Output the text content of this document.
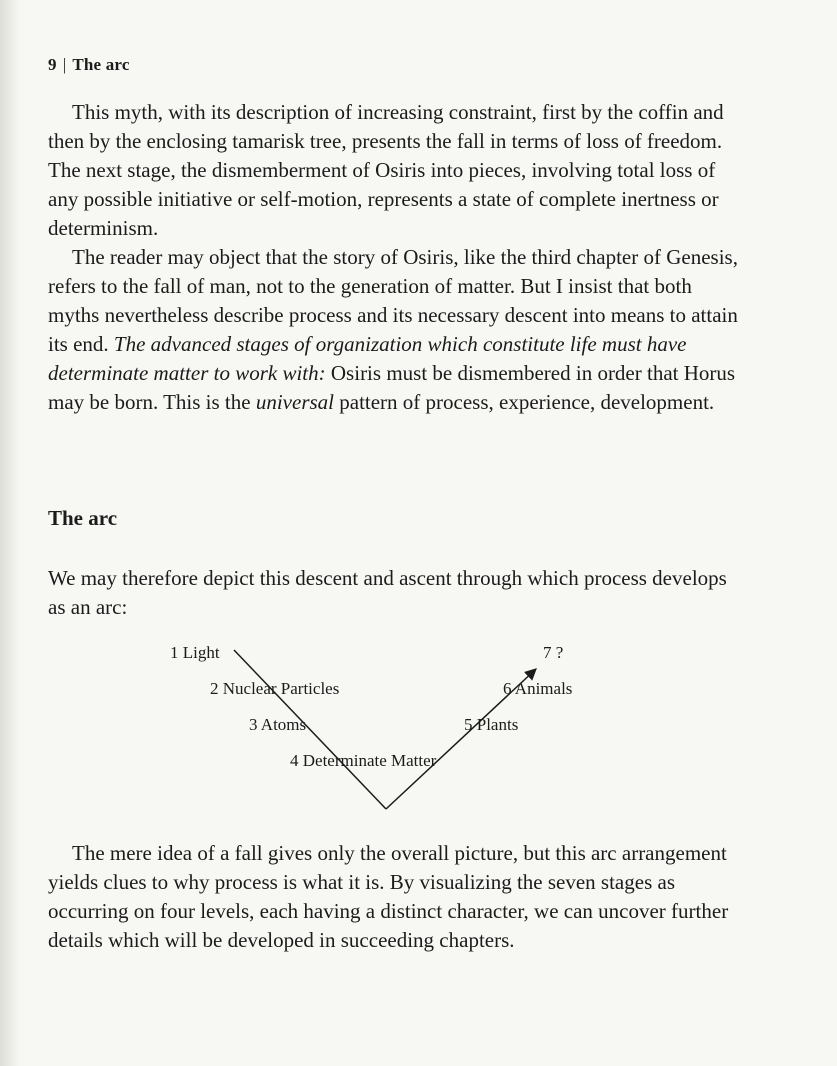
9 | The arc

This myth, with its description of increasing constraint, first by the coffin and then by the enclosing tamarisk tree, presents the fall in terms of loss of freedom. The next stage, the dismemberment of Osiris into pieces, involving total loss of any possible initiative or self-motion, represents a state of complete inertness or determinism.

The reader may object that the story of Osiris, like the third chapter of Genesis, refers to the fall of man, not to the generation of matter. But I insist that both myths nevertheless describe process and its necessary descent into means to attain its end. The advanced stages of organization which constitute life must have determinate matter to work with: Osiris must be dismembered in order that Horus may be born. This is the universal pattern of process, experience, development.

The arc

We may therefore depict this descent and ascent through which process develops as an arc:

1 Light
2 Nuclear Particles
3 Atoms
4 Determinate Matter
5 Plants
6 Animals
7 ?

The mere idea of a fall gives only the overall picture, but this arc arrangement yields clues to why process is what it is. By visualizing the seven stages as occurring on four levels, each having a distinct character, we can uncover further details which will be developed in succeeding chapters.
